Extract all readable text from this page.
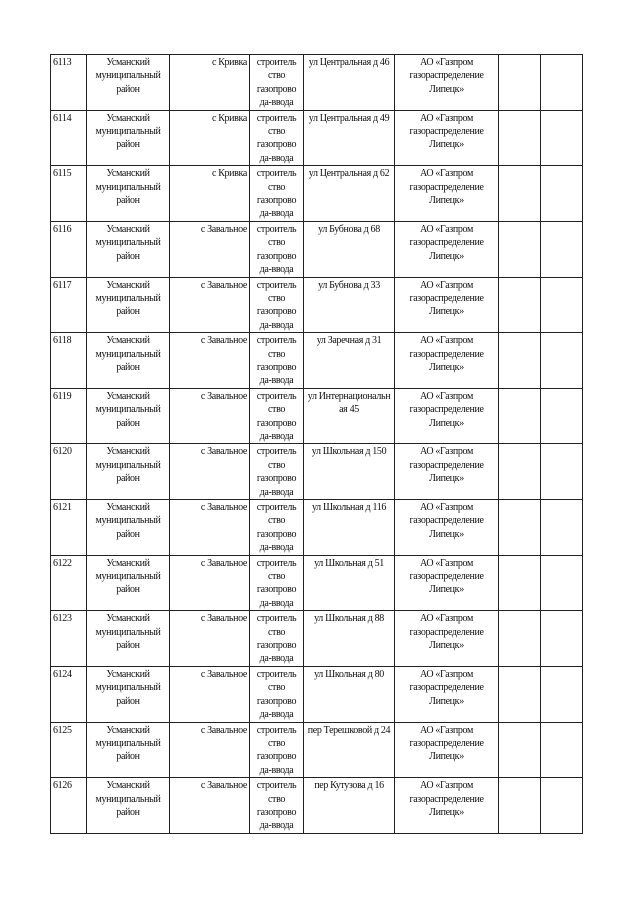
6113	Усманский муниципальный район	с Кривка	строитель
ство
газопрово
да-ввода	ул Центральная д 46	АО «Газпром газораспределение Липецк»		
6114	Усманский муниципальный район	с Кривка	строитель
ство
газопрово
да-ввода	ул Центральная д 49	АО «Газпром газораспределение Липецк»		
6115	Усманский муниципальный район	с Кривка	строитель
ство
газопрово
да-ввода	ул Центральная д 62	АО «Газпром газораспределение Липецк»		
6116	Усманский муниципальный район	с Завальное	строитель
ство
газопрово
да-ввода	ул Бубнова д 68	АО «Газпром газораспределение Липецк»		
6117	Усманский муниципальный район	с Завальное	строитель
ство
газопрово
да-ввода	ул Бубнова д 33	АО «Газпром газораспределение Липецк»		
6118	Усманский муниципальный район	с Завальное	строитель
ство
газопрово
да-ввода	ул Заречная д 31	АО «Газпром газораспределение Липецк»		
6119	Усманский муниципальный район	с Завальное	строитель
ство
газопрово
да-ввода	ул Интернациональн ая 45	АО «Газпром газораспределение Липецк»		
6120	Усманский муниципальный район	с Завальное	строитель
ство
газопрово
да-ввода	ул Школьная д 150	АО «Газпром газораспределение Липецк»		
6121	Усманский муниципальный район	с Завальное	строитель
ство
газопрово
да-ввода	ул Школьная д 116	АО «Газпром газораспределение Липецк»		
6122	Усманский муниципальный район	с Завальное	строитель
ство
газопрово
да-ввода	ул Школьная д 51	АО «Газпром газораспределение Липецк»		
6123	Усманский муниципальный район	с Завальное	строитель
ство
газопрово
да-ввода	ул Школьная д 88	АО «Газпром газораспределение Липецк»		
6124	Усманский муниципальный район	с Завальное	строитель
ство
газопрово
да-ввода	ул Школьная д 80	АО «Газпром газораспределение Липецк»		
6125	Усманский муниципальный район	с Завальное	строитель
ство
газопрово
да-ввода	пер Терешковой д 24	АО «Газпром газораспределение Липецк»		
6126	Усманский муниципальный район	с Завальное	строитель
ство
газопрово
да-ввода	пер Кутузова д 16	АО «Газпром газораспределение Липецк»		
